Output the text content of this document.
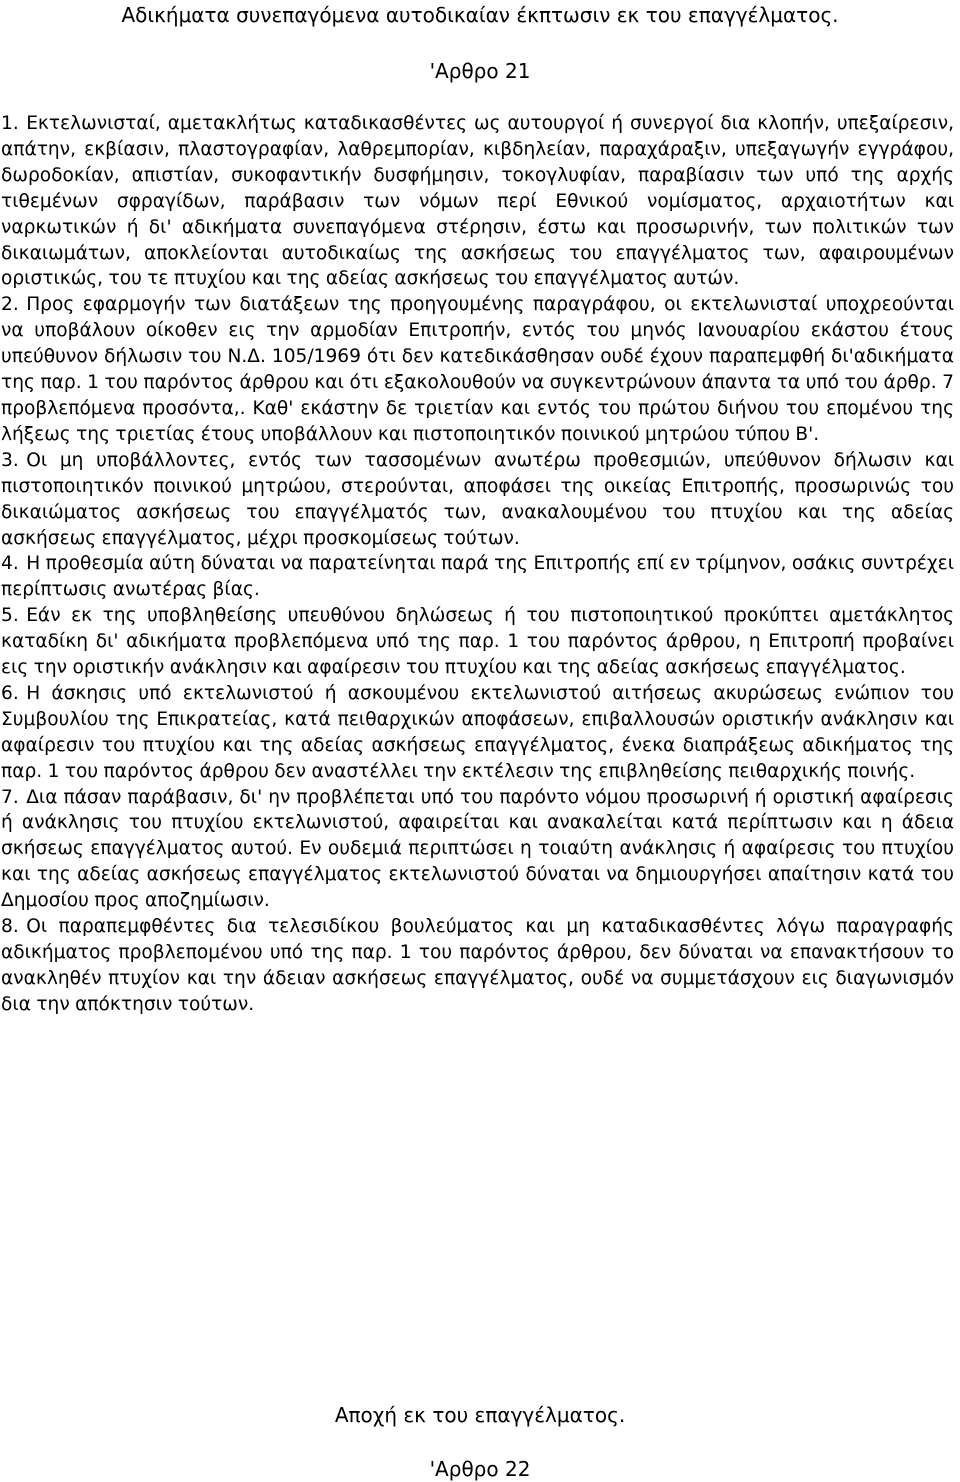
Αδικήματα συνεπαγόμενα αυτοδικαίαν έκπτωσιν εκ του επαγγέλματος.
'Αρθρο 21

1. Εκτελωνισταί, αμετακλήτως καταδικασθέντες ως αυτουργοί ή συνεργοί δια κλοπήν, υπεξαίρεσιν, απάτην, εκβίασιν, πλαστογραφίαν, λαθρεμπορίαν, κιβδηλείαν, παραχάραξιν, υπεξαγωγήν εγγράφου, δωροδοκίαν, απιστίαν, συκοφαντικήν δυσφήμησιν, τοκογλυφίαν, παραβίασιν των υπό της αρχής τιθεμένων σφραγίδων, παράβασιν των νόμων περί Εθνικού νομίσματος, αρχαιοτήτων και ναρκωτικών ή δι' αδικήματα συνεπαγόμενα στέρησιν, έστω και προσωρινήν, των πολιτικών των δικαιωμάτων, αποκλείονται αυτοδικαίως της ασκήσεως του επαγγέλματος των, αφαιρουμένων οριστικώς, του τε πτυχίου και της αδείας ασκήσεως του επαγγέλματος αυτών.

2. Προς εφαρμογήν των διατάξεων της προηγουμένης παραγράφου, οι εκτελωνισταί υποχρεούνται να υποβάλουν οίκοθεν εις την αρμοδίαν Επιτροπήν, εντός του μηνός Ιανουαρίου εκάστου έτους υπεύθυνον δήλωσιν του Ν.Δ. 105/1969 ότι δεν κατεδικάσθησαν ουδέ έχουν παραπεμφθή δι'αδικήματα της παρ. 1 του παρόντος άρθρου και ότι εξακολουθούν να συγκεντρώνουν άπαντα τα υπό του άρθρ. 7 προβλεπόμενα προσόντα,. Καθ' εκάστην δε τριετίαν και εντός του πρώτου διήνου του επομένου της λήξεως της τριετίας έτους υποβάλλουν και πιστοποιητικόν ποινικού μητρώου τύπου Β'.

3. Οι μη υποβάλλοντες, εντός των τασσομένων ανωτέρω προθεσμιών, υπεύθυνον δήλωσιν και πιστοποιητικόν ποινικού μητρώου, στερούνται, αποφάσει της οικείας Επιτροπής, προσωρινώς του δικαιώματος ασκήσεως του επαγγέλματός των, ανακαλουμένου του πτυχίου και της αδείας ασκήσεως επαγγέλματος, μέχρι προσκομίσεως τούτων.

4. Η προθεσμία αύτη δύναται να παρατείνηται παρά της Επιτροπής επί εν τρίμηνον, οσάκις συντρέχει περίπτωσις ανωτέρας βίας.

5. Εάν εκ της υποβληθείσης υπευθύνου δηλώσεως ή του πιστοποιητικού προκύπτει αμετάκλητος καταδίκη δι' αδικήματα προβλεπόμενα υπό της παρ. 1 του παρόντος άρθρου, η Επιτροπή προβαίνει εις την οριστικήν ανάκλησιν και αφαίρεσιν του πτυχίου και της αδείας ασκήσεως επαγγέλματος.

6. Η άσκησις υπό εκτελωνιστού ή ασκουμένου εκτελωνιστού αιτήσεως ακυρώσεως ενώπιον του Συμβουλίου της Επικρατείας, κατά πειθαρχικών αποφάσεων, επιβαλλουσών οριστικήν ανάκλησιν και αφαίρεσιν του πτυχίου και της αδείας ασκήσεως επαγγέλματος, ένεκα διαπράξεως αδικήματος της παρ. 1 του παρόντος άρθρου δεν αναστέλλει την εκτέλεσιν της επιβληθείσης πειθαρχικής ποινής.

7. Δια πάσαν παράβασιν, δι' ην προβλέπεται υπό του παρόντο νόμου προσωρινή ή οριστική αφαίρεσις ή ανάκλησις του πτυχίου εκτελωνιστού, αφαιρείται και ανακαλείται κατά περίπτωσιν και η άδεια σκήσεως επαγγέλματος αυτού. Εν ουδεμιά περιπτώσει η τοιαύτη ανάκλησις ή αφαίρεσις του πτυχίου και της αδείας ασκήσεως επαγγέλματος εκτελωνιστού δύναται να δημιουργήσει απαίτησιν κατά του Δημοσίου προς αποζημίωσιν.

8. Οι παραπεμφθέντες δια τελεσιδίκου βουλεύματος και μη καταδικασθέντες λόγω παραγραφής αδικήματος προβλεπομένου υπό της παρ. 1 του παρόντος άρθρου, δεν δύναται να επανακτήσουν το ανακληθέν πτυχίον και την άδειαν ασκήσεως επαγγέλματος, ουδέ να συμμετάσχουν εις διαγωνισμόν δια την απόκτησιν τούτων.

Αποχή εκ του επαγγέλματος.
'Αρθρο 22
